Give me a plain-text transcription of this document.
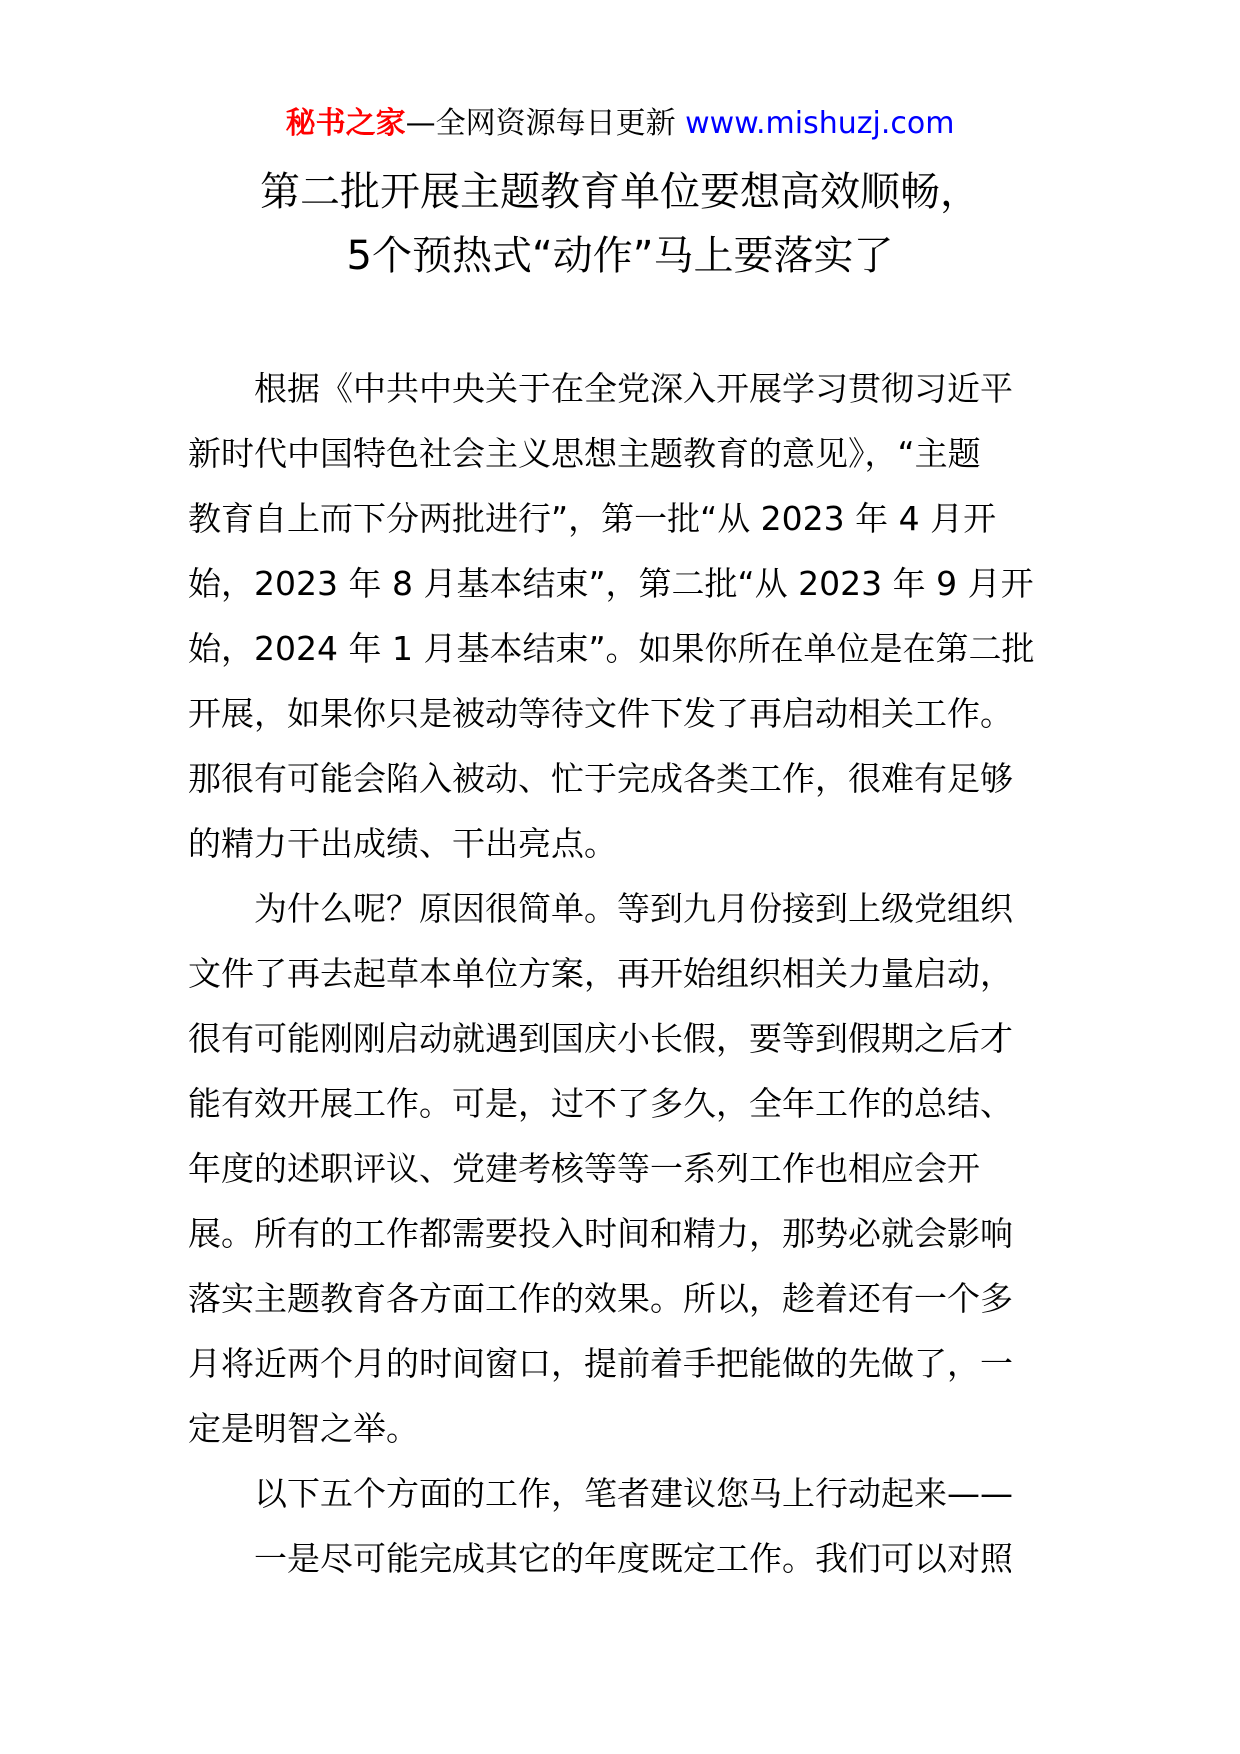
秘书之家—全网资源每日更新 www.mishuzj.com
第二批开展主题教育单位要想高效顺畅，
5个预热式“动作”马上要落实了
根据《中共中央关于在全党深入开展学习贯彻习近平
新时代中国特色社会主义思想主题教育的意见》，“主题
教育自上而下分两批进行”，第一批“从 2023 年 4 月开
始，2023 年 8 月基本结束”，第二批“从 2023 年 9 月开
始，2024 年 1 月基本结束”。如果你所在单位是在第二批
开展，如果你只是被动等待文件下发了再启动相关工作。
那很有可能会陷入被动、忙于完成各类工作，很难有足够
的精力干出成绩、干出亮点。
为什么呢？原因很简单。等到九月份接到上级党组织
文件了再去起草本单位方案，再开始组织相关力量启动，
很有可能刚刚启动就遇到国庆小长假，要等到假期之后才
能有效开展工作。可是，过不了多久，全年工作的总结、
年度的述职评议、党建考核等等一系列工作也相应会开
展。所有的工作都需要投入时间和精力，那势必就会影响
落实主题教育各方面工作的效果。所以，趁着还有一个多
月将近两个月的时间窗口，提前着手把能做的先做了，一
定是明智之举。
以下五个方面的工作，笔者建议您马上行动起来——
一是尽可能完成其它的年度既定工作。我们可以对照
